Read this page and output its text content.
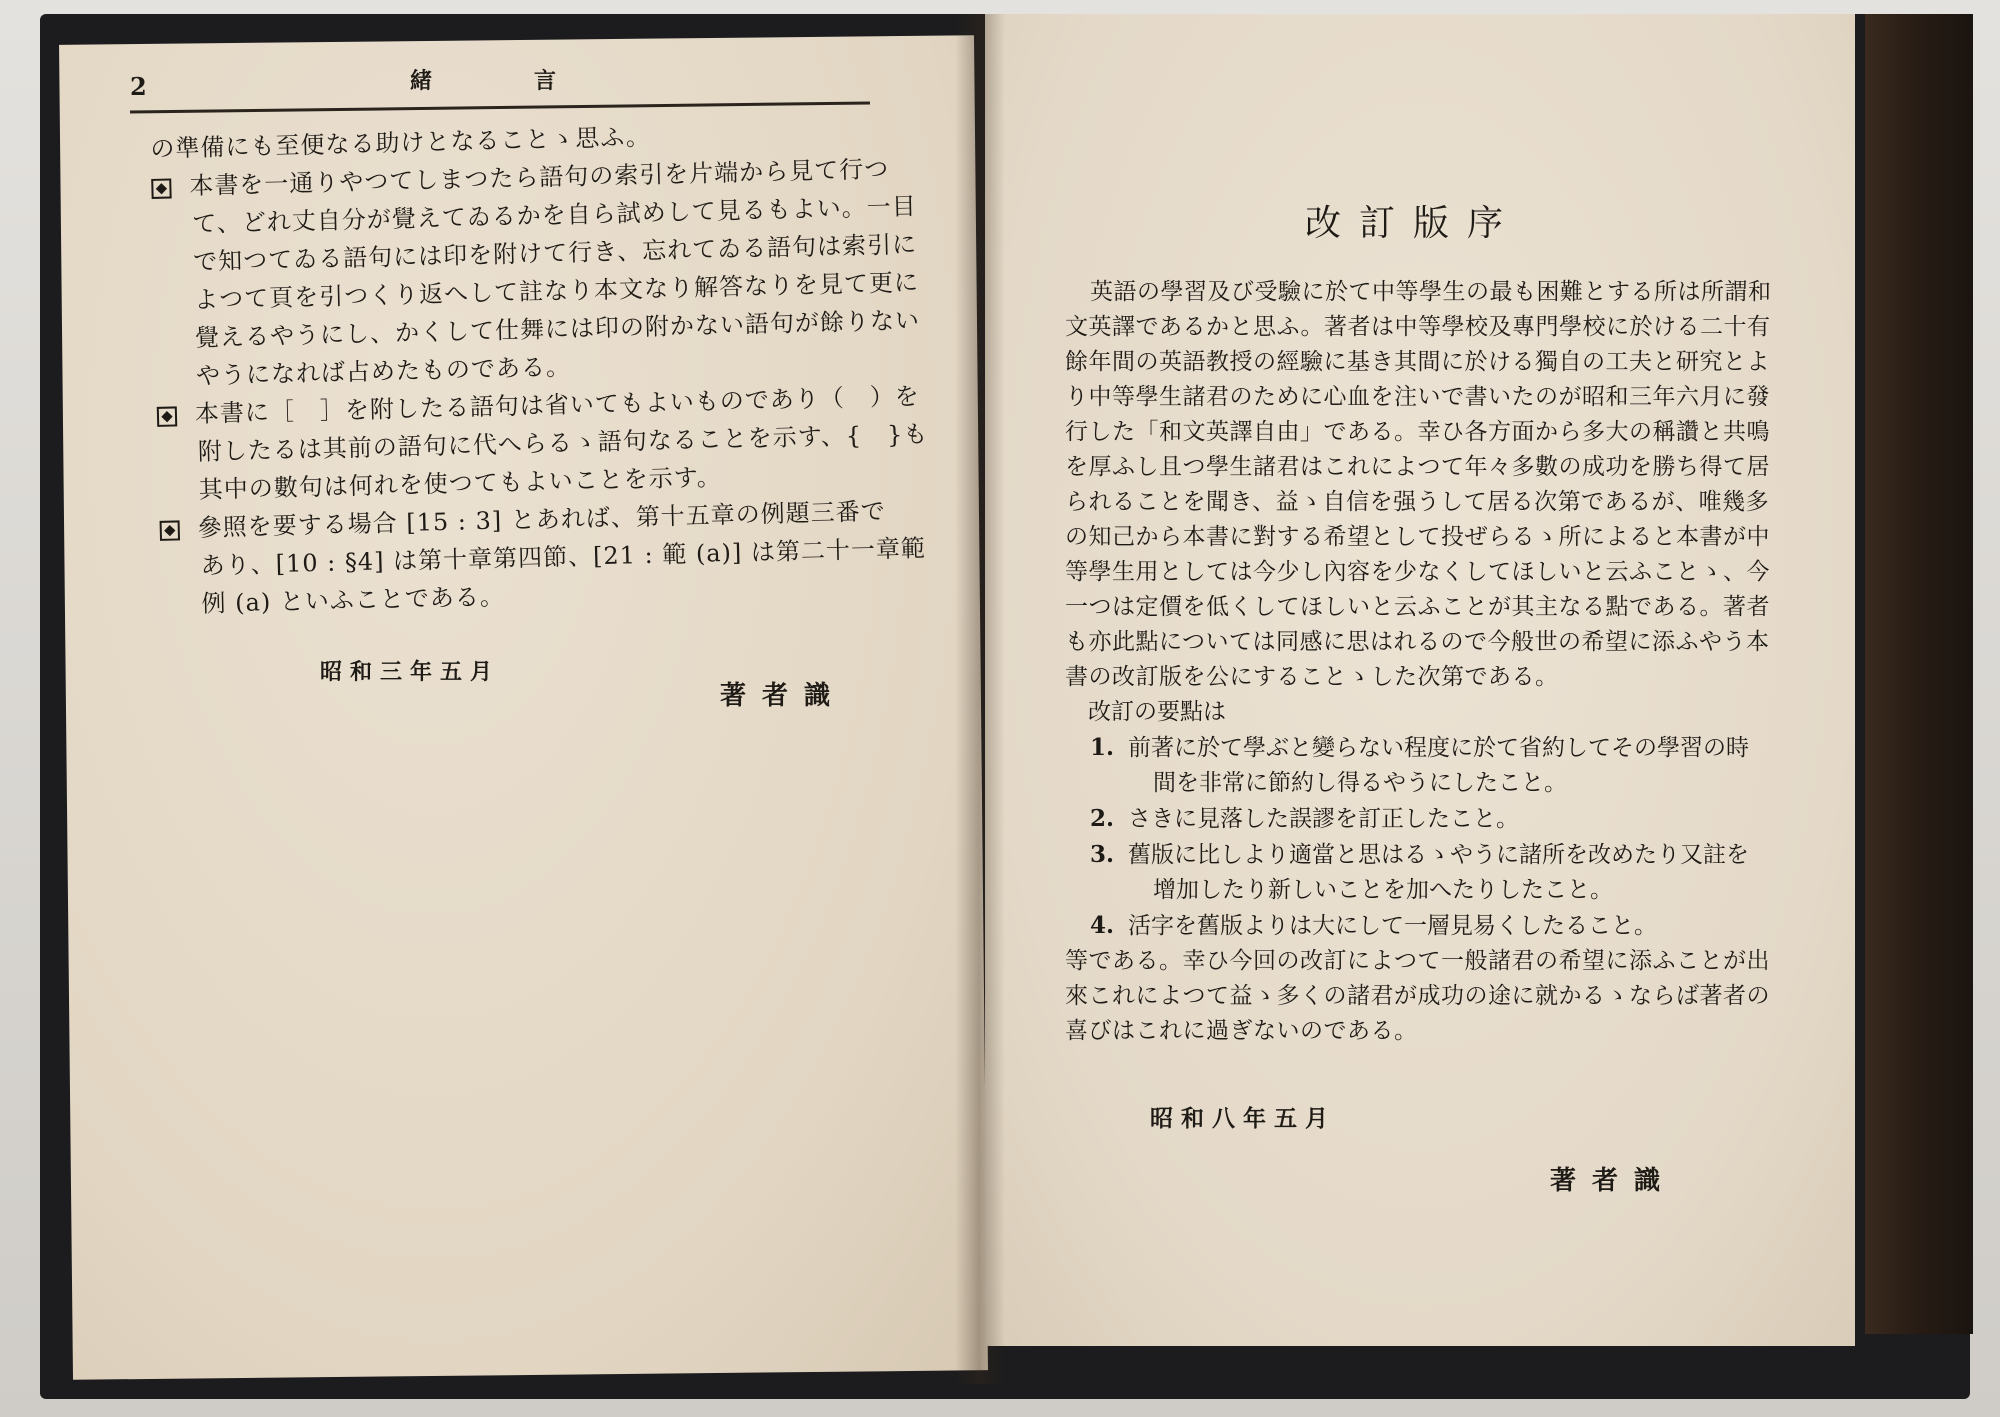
2	緒　言
の準備にも至便なる助けとなることゝ思ふ。
本書を一通りやつてしまつたら語句の索引を片端から見て行つ
て、どれ丈自分が覺えてゐるかを自ら試めして見るもよい。一目
で知つてゐる語句には印を附けて行き、忘れてゐる語句は索引に
よつて頁を引つくり返へして註なり本文なり解答なりを見て更に
覺えるやうにし、かくして仕舞には印の附かない語句が餘りない
やうになれば占めたものである。
本書に［　］を附したる語句は省いてもよいものであり（　）を
附したるは其前の語句に代へらるゝ語句なることを示す、{　}も
其中の數句は何れを使つてもよいことを示す。
參照を要する場合 [15 : 3] とあれば、第十五章の例題三番で
あり、[10 : §4] は第十章第四節、[21 : 範 (a)] は第二十一章範
例 (a) といふことである。
昭和三年五月
著者識
改訂版序
英語の學習及び受驗に於て中等學生の最も困難とする所は所謂和
文英譯であるかと思ふ。著者は中等學校及專門學校に於ける二十有
餘年間の英語教授の經驗に基き其間に於ける獨自の工夫と研究とよ
り中等學生諸君のために心血を注いで書いたのが昭和三年六月に發
行した「和文英譯自由」である。幸ひ各方面から多大の稱讚と共鳴
を厚ふし且つ學生諸君はこれによつて年々多數の成功を勝ち得て居
られることを聞き、益ゝ自信を强うして居る次第であるが、唯幾多
の知己から本書に對する希望として投ぜらるゝ所によると本書が中
等學生用としては今少し內容を少なくしてほしいと云ふことゝ、今
一つは定價を低くしてほしいと云ふことが其主なる點である。著者
も亦此點については同感に思はれるので今般世の希望に添ふやう本
書の改訂版を公にすることゝした次第である。
改訂の要點は
1. 前著に於て學ぶと變らない程度に於て省約してその學習の時
間を非常に節約し得るやうにしたこと。
2. さきに見落した誤謬を訂正したこと。
3. 舊版に比しより適當と思はるゝやうに諸所を改めたり又註を
增加したり新しいことを加へたりしたこと。
4. 活字を舊版よりは大にして一層見易くしたること。
等である。幸ひ今回の改訂によつて一般諸君の希望に添ふことが出
來これによつて益ゝ多くの諸君が成功の途に就かるゝならば著者の
喜びはこれに過ぎないのである。
昭和八年五月
著者識
